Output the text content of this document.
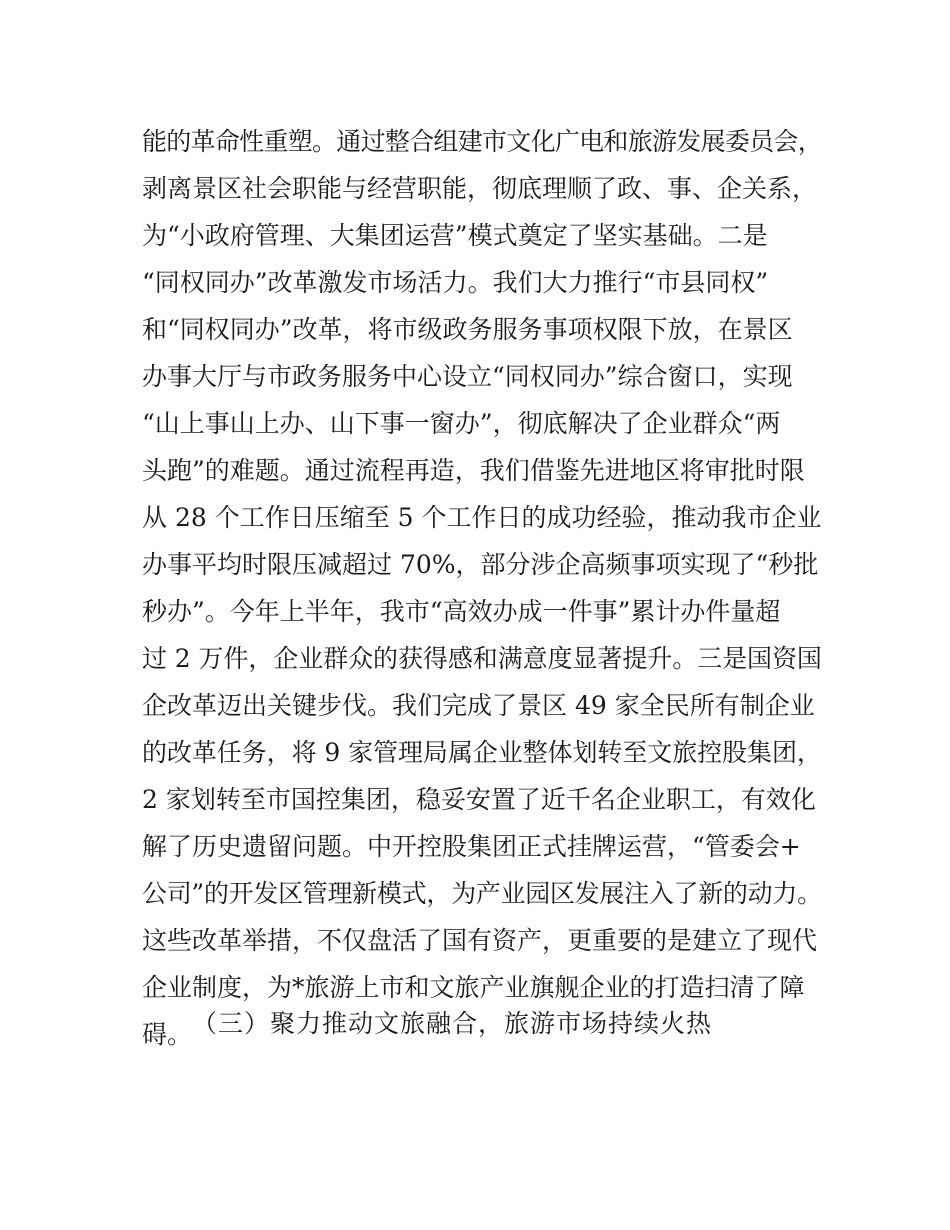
能的革命性重塑。通过整合组建市文化广电和旅游发展委员会，
剥离景区社会职能与经营职能，彻底理顺了政、事、企关系，
为“小政府管理、大集团运营”模式奠定了坚实基础。二是
“同权同办”改革激发市场活力。我们大力推行“市县同权”
和“同权同办”改革，将市级政务服务事项权限下放，在景区
办事大厅与市政务服务中心设立“同权同办”综合窗口，实现
“山上事山上办、山下事一窗办”，彻底解决了企业群众“两
头跑”的难题。通过流程再造，我们借鉴先进地区将审批时限
从 28 个工作日压缩至 5 个工作日的成功经验，推动我市企业
办事平均时限压减超过 70%，部分涉企高频事项实现了“秒批
秒办”。今年上半年，我市“高效办成一件事”累计办件量超
过 2 万件，企业群众的获得感和满意度显著提升。三是国资国
企改革迈出关键步伐。我们完成了景区 49 家全民所有制企业
的改革任务，将 9 家管理局属企业整体划转至文旅控股集团，
2 家划转至市国控集团，稳妥安置了近千名企业职工，有效化
解了历史遗留问题。中开控股集团正式挂牌运营，“管委会+
公司”的开发区管理新模式，为产业园区发展注入了新的动力。
这些改革举措，不仅盘活了国有资产，更重要的是建立了现代
企业制度，为*旅游上市和文旅产业旗舰企业的打造扫清了障
碍。 （三）聚力推动文旅融合，旅游市场持续火热
